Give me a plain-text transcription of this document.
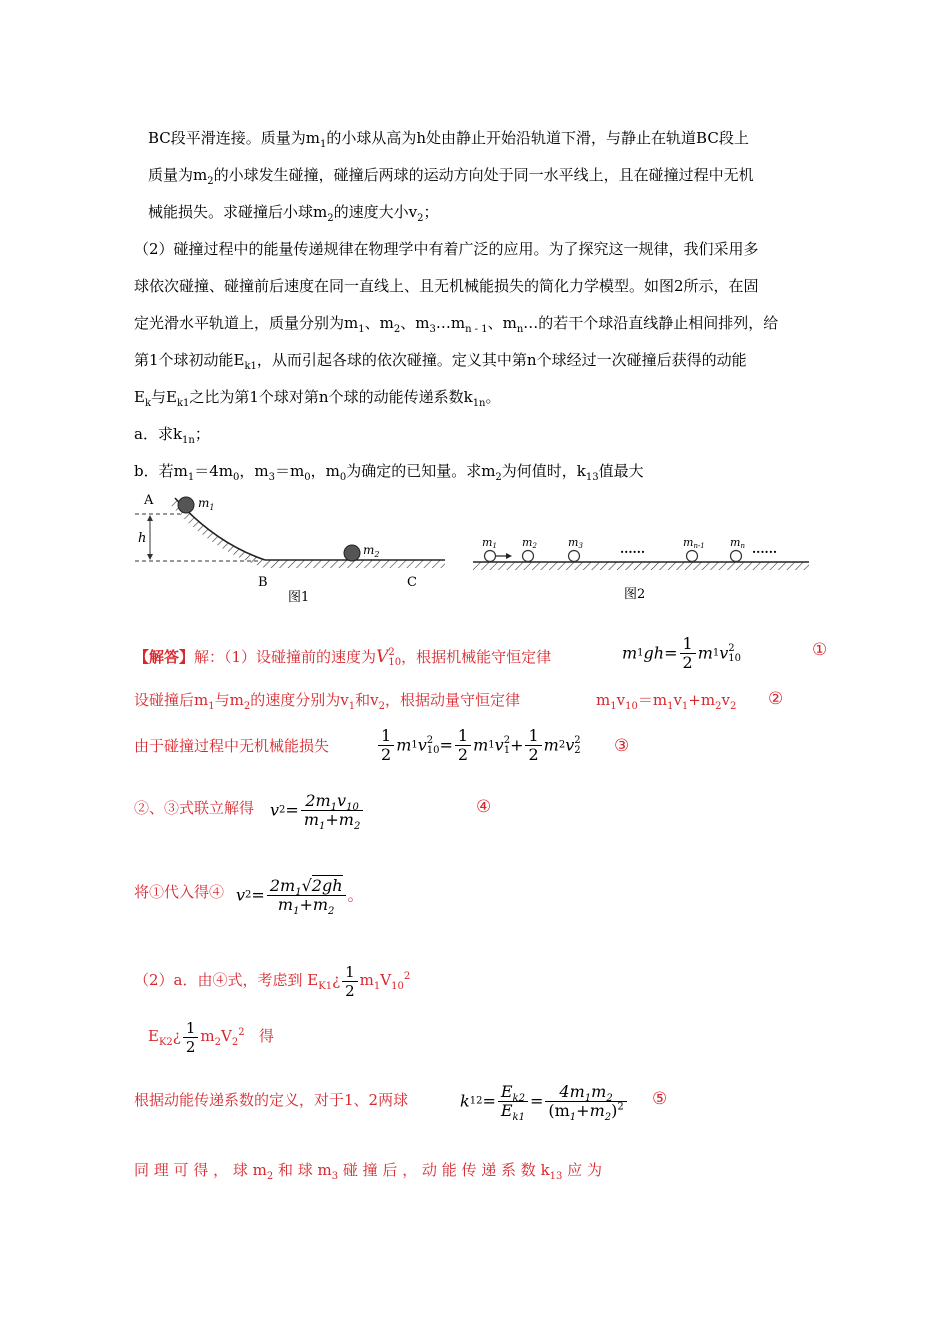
BC段平滑连接。质量为$m_1$的小球从高为h处由静止开始沿轨道下滑，与静止在轨道BC段上
质量为$m_2$的小球发生碰撞，碰撞后两球的运动方向处于同一水平线上，且在碰撞过程中无机
械能损失。求碰撞后小球$m_2$的速度大小$v_2$；
（2）碰撞过程中的能量传递规律在物理学中有着广泛的应用。为了探究这一规律，我们采用多
球依次碰撞、碰撞前后速度在同一直线上、且无机械能损失的简化力学模型。如图2所示，在固
定光滑水平轨道上，质量分别为$m_1$、$m_2$、$m_3\dots m_{n - 1}$、$m_n\dots$的若干个球沿直线静止相间排列，给
第1个球初动能$E_{k1}$，从而引起各球的依次碰撞。定义其中第n个球经过一次碰撞后获得的动能
$E_k$与$E_{k1}$之比为第1个球对第n个球的动能传递系数$k_{1n}$。
a．求$k_{1n}$；
b．若$m_1=4m_0$，$m_3=m_0$，$m_0$为确定的已知量。求$m_2$为何值时，$k_{13}$值最大
A
h
$m_1$
$m_2$
B	C
图1
m1 m2	m3	mn-1 mn
......	......
图2
【解答】解：（1）设碰撞前的速度为V 2
10 ，根据机械能守恒定律	$m1gh= \frac{1}{2} m1v$ 2
10	①
设碰撞后$m_1$与$m_2$的速度分别为$v_1$和$v_2$，根据动量守恒定律	$m_1v_{10}=m_1v_1+m_2v_2$ ②
由于碰撞过程中无机械能损失	$\frac{1}{2} m1v$ 2
$10 = \frac{1}{2} m1v$ 2
$1 + \frac{1}{2} m2v$ 2
2 ③
②、③式联立解得 $v2= \frac{2m_1v_{10}}{m_1+m_2}$	④
将①代入得④ $v2= \frac{2m_1√2gh}{m_1+m_2}$ 。
（2）a．由④式，考虑到 $E_{K1}¿ \frac{1}{2} m_1V_{10}^2$
$E_{K2}¿ \frac{1}{2} m_2V_2^2$ 得
根据动能传递系数的定义，对于1、2两球	$k12= \frac{E_{k2}}{E_{k1}} = \frac{4m_1m_2}{(m_1+m_2)^2}$ ⑤
同 理 可 得 ， 球 $m_2$ 和 球 $m_3$ 碰 撞 后 ， 动 能 传 递 系 数 $k_{13}$ 应 为
